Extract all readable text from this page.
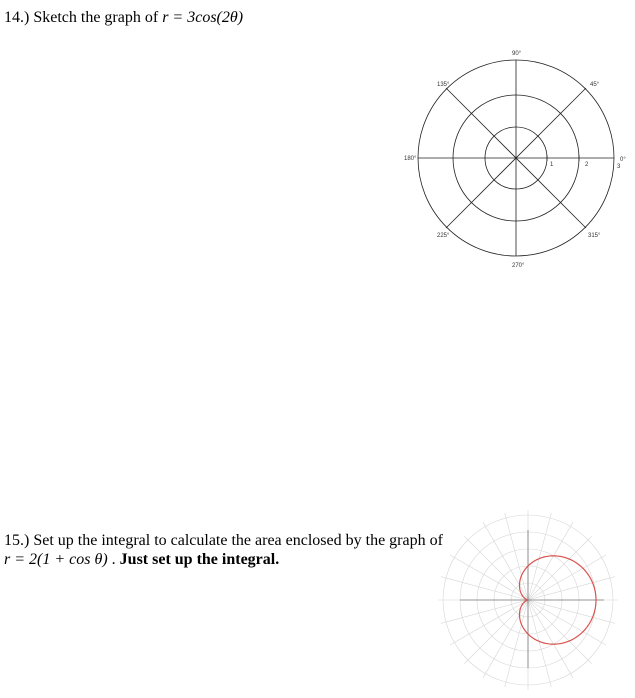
14.) Sketch the graph of r = 3cos(2θ)
0°
45°
90°
135°
180°
225°
270°
315°
1	2	3
15.) Set up the integral to calculate the area enclosed by the graph of
r = 2(1 + cos θ) . Just set up the integral.
